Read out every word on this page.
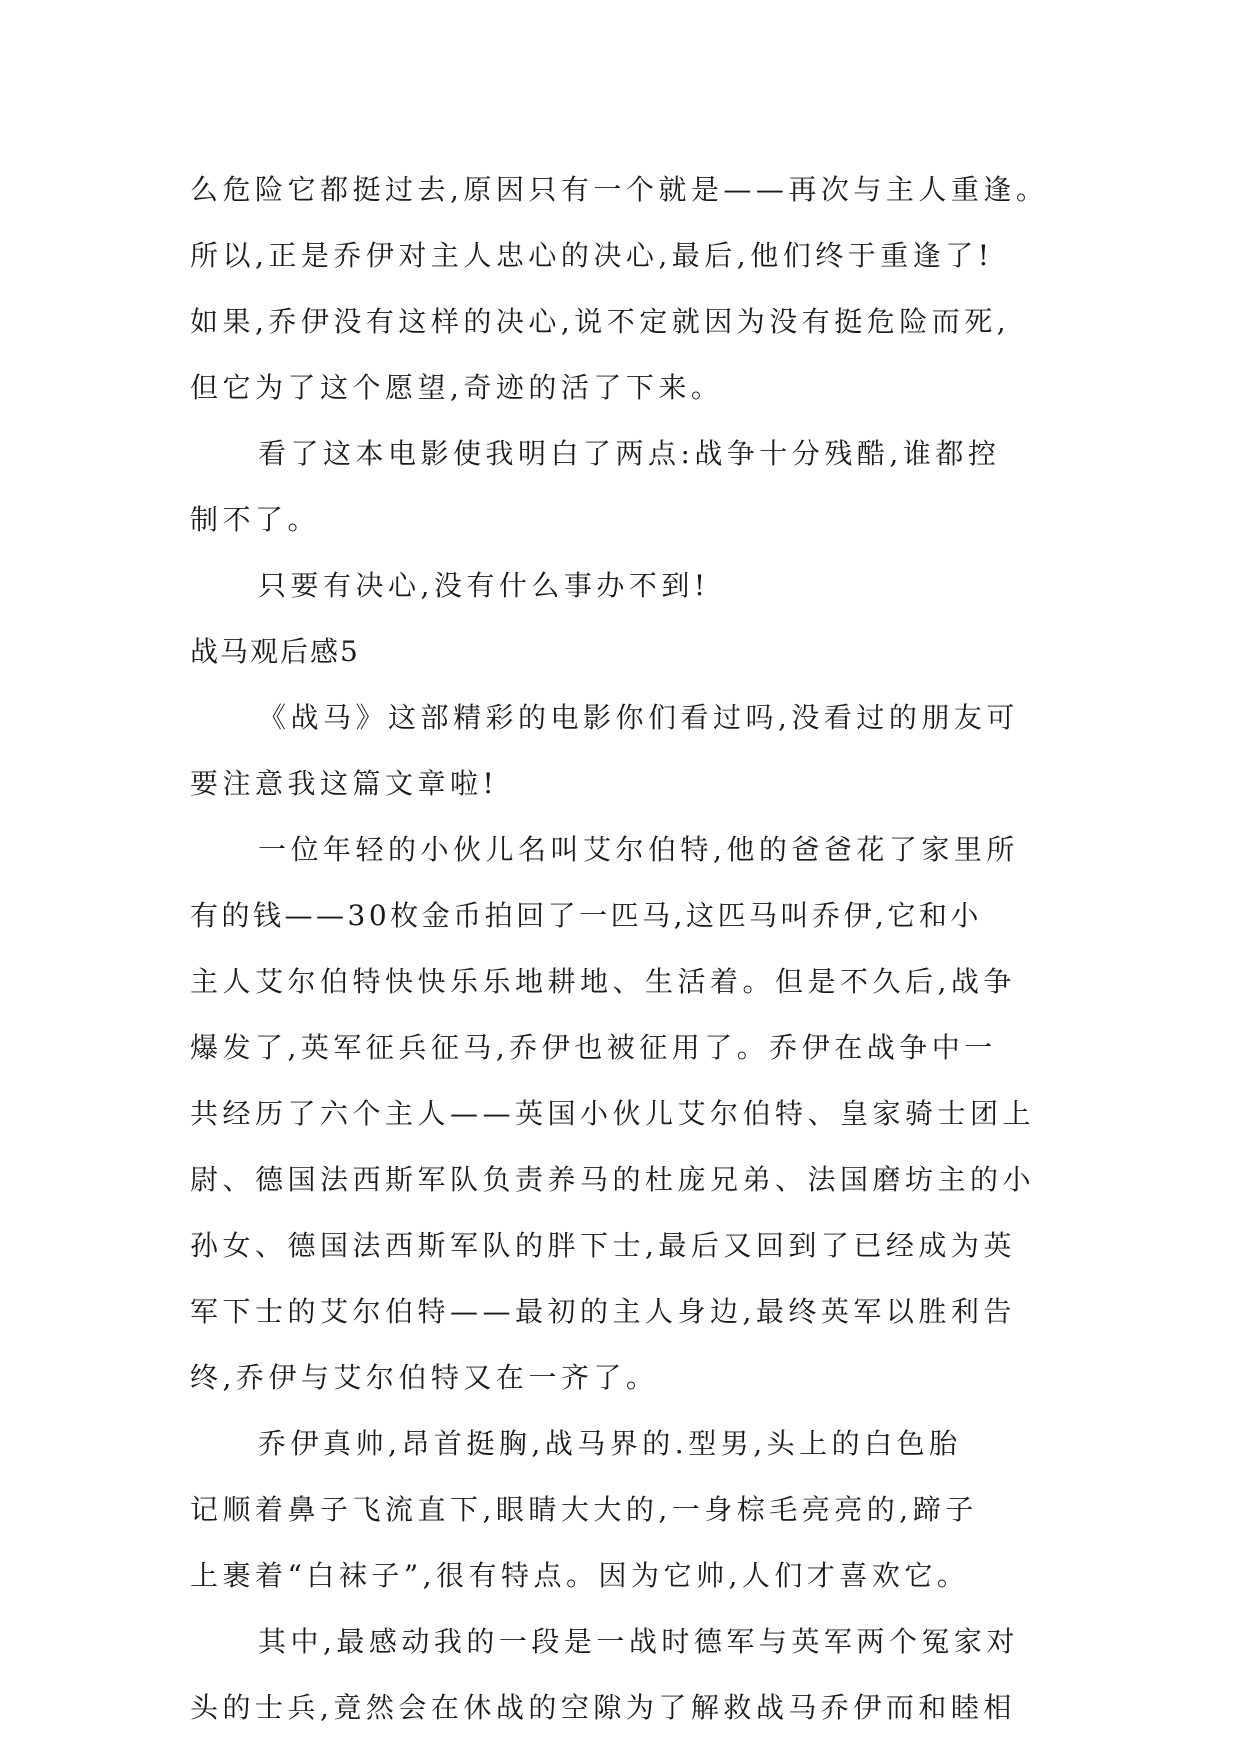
么危险它都挺过去,原因只有一个就是——再次与主人重逢。
所以,正是乔伊对主人忠心的决心,最后,他们终于重逢了!
如果,乔伊没有这样的决心,说不定就因为没有挺危险而死,
但它为了这个愿望,奇迹的活了下来。
看了这本电影使我明白了两点:战争十分残酷,谁都控
制不了。
只要有决心,没有什么事办不到!
战马观后感5
《战马》这部精彩的电影你们看过吗,没看过的朋友可
要注意我这篇文章啦!
一位年轻的小伙儿名叫艾尔伯特,他的爸爸花了家里所
有的钱——30枚金币拍回了一匹马,这匹马叫乔伊,它和小
主人艾尔伯特快快乐乐地耕地、生活着。但是不久后,战争
爆发了,英军征兵征马,乔伊也被征用了。乔伊在战争中一
共经历了六个主人——英国小伙儿艾尔伯特、皇家骑士团上
尉、德国法西斯军队负责养马的杜庞兄弟、法国磨坊主的小
孙女、德国法西斯军队的胖下士,最后又回到了已经成为英
军下士的艾尔伯特——最初的主人身边,最终英军以胜利告
终,乔伊与艾尔伯特又在一齐了。
乔伊真帅,昂首挺胸,战马界的.型男,头上的白色胎
记顺着鼻子飞流直下,眼睛大大的,一身棕毛亮亮的,蹄子
上裹着“白袜子”,很有特点。因为它帅,人们才喜欢它。
其中,最感动我的一段是一战时德军与英军两个冤家对
头的士兵,竟然会在休战的空隙为了解救战马乔伊而和睦相
